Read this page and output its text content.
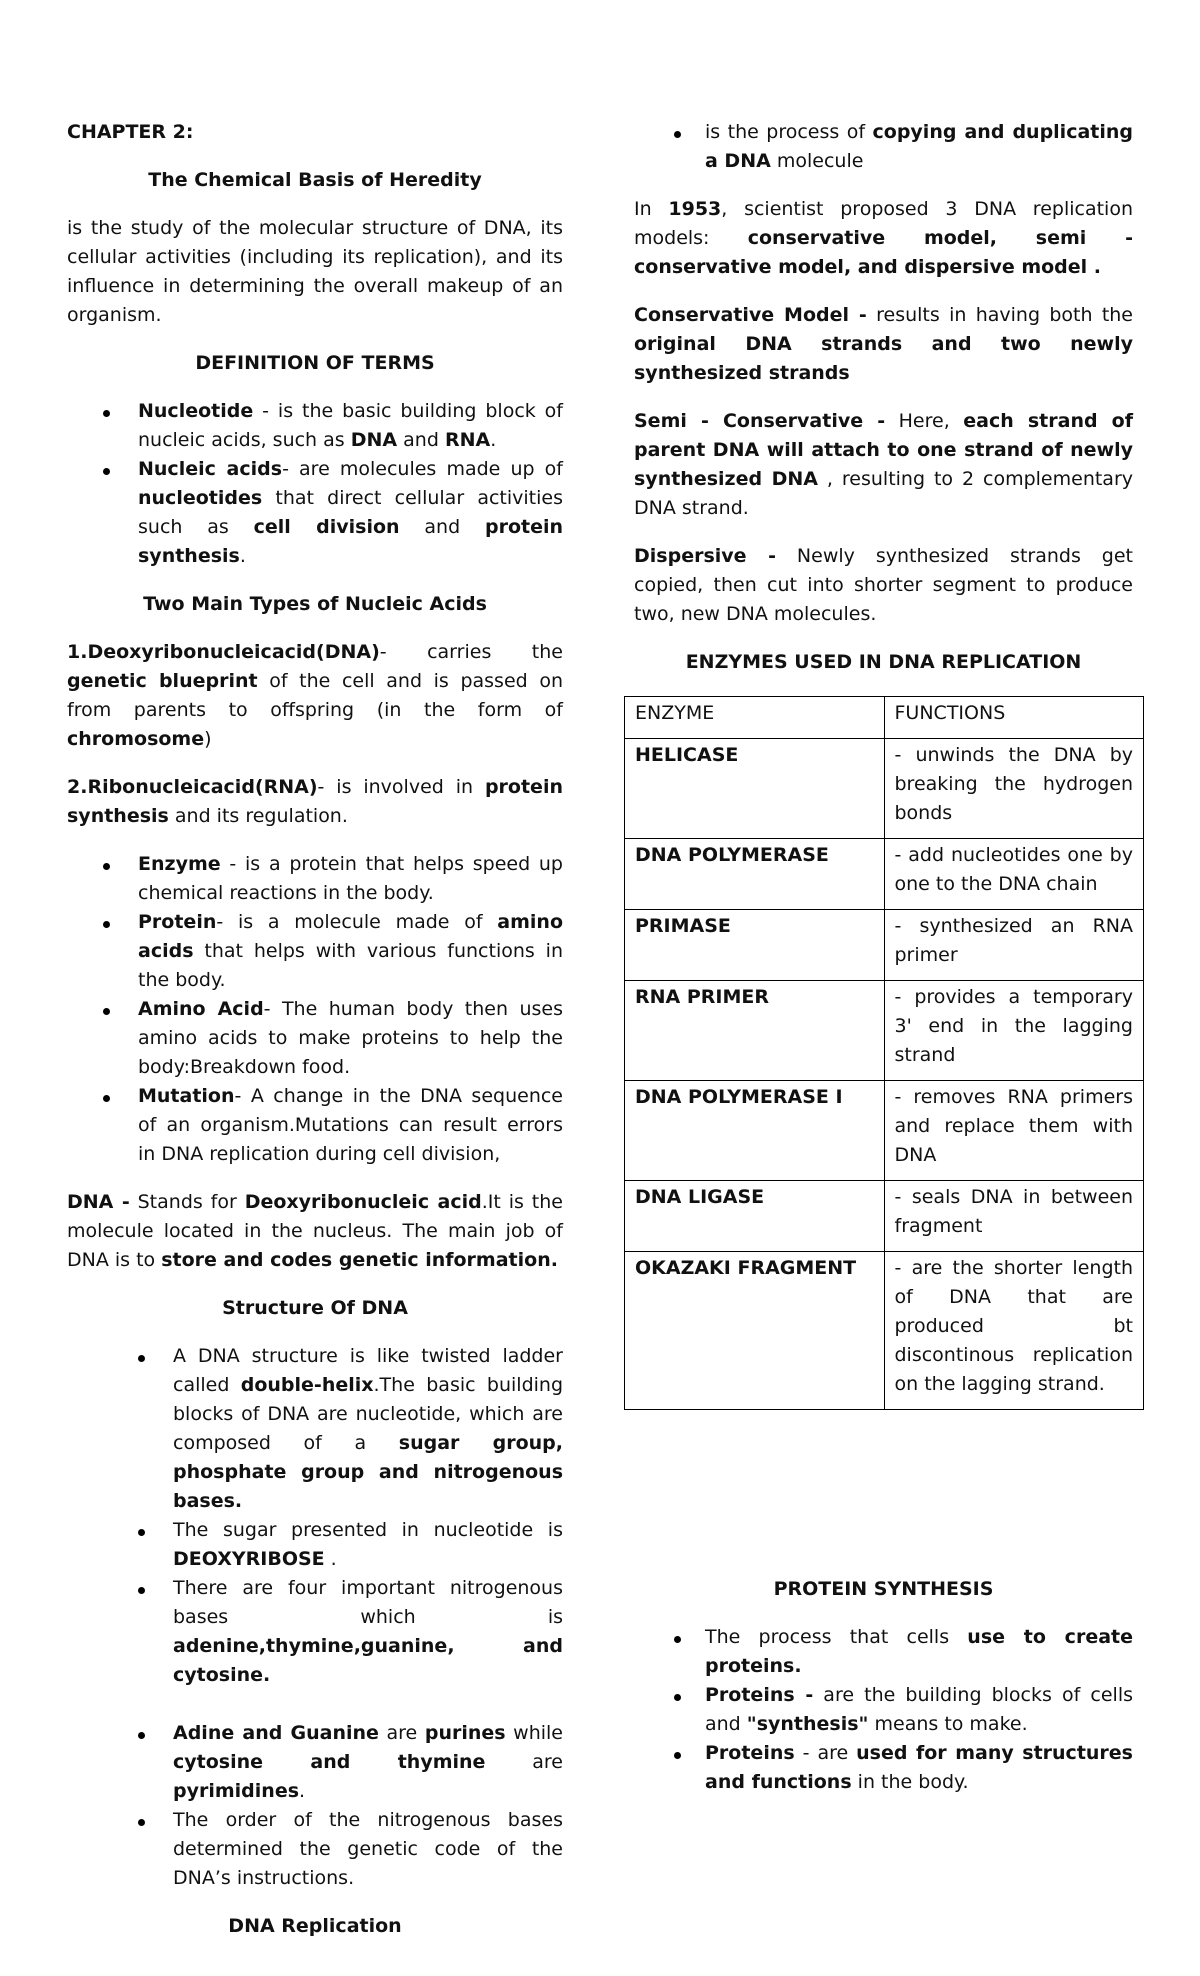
CHAPTER 2:

The Chemical Basis of Heredity

is the study of the molecular structure of DNA, its cellular activities (including its replication), and its influence in determining the overall makeup of an organism.

DEFINITION OF TERMS

Nucleotide - is the basic building block of nucleic acids, such as DNA and RNA.
Nucleic acids- are molecules made up of nucleotides that direct cellular activities such as cell division and protein synthesis.

Two Main Types of Nucleic Acids

1.Deoxyribonucleicacid(DNA)- carries the genetic blueprint of the cell and is passed on from parents to offspring (in the form of chromosome)

2.Ribonucleicacid(RNA)- is involved in protein synthesis and its regulation.

Enzyme - is a protein that helps speed up chemical reactions in the body.
Protein- is a molecule made of amino acids that helps with various functions in the body.
Amino Acid- The human body then uses amino acids to make proteins to help the body:Breakdown food.
Mutation- A change in the DNA sequence of an organism.Mutations can result errors in DNA replication during cell division,

DNA - Stands for Deoxyribonucleic acid.It is the molecule located in the nucleus. The main job of DNA is to store and codes genetic information.

Structure Of DNA

A DNA structure is like twisted ladder called double-helix.The basic building blocks of DNA are nucleotide, which are composed of a sugar group, phosphate group and nitrogenous bases.
The sugar presented in nucleotide is DEOXYRIBOSE .
There are four important nitrogenous bases which is adenine,thymine,guanine, and cytosine.
Adine and Guanine are purines while cytosine and thymine are pyrimidines.
The order of the nitrogenous bases determined the genetic code of the DNA’s instructions.

DNA Replication

is the process of copying and duplicating a DNA molecule

In 1953, scientist proposed 3 DNA replication models: conservative model, semi - conservative model, and dispersive model .

Conservative Model - results in having both the original DNA strands and two newly synthesized strands

Semi - Conservative - Here, each strand of parent DNA will attach to one strand of newly synthesized DNA , resulting to 2 complementary DNA strand.

Dispersive - Newly synthesized strands get copied, then cut into shorter segment to produce two, new DNA molecules.

ENZYMES USED IN DNA REPLICATION

ENZYME	FUNCTIONS
HELICASE	- unwinds the DNA by breaking the hydrogen bonds
DNA POLYMERASE	- add nucleotides one by one to the DNA chain
PRIMASE	- synthesized an RNA primer
RNA PRIMER	- provides a temporary 3' end in the lagging strand
DNA POLYMERASE I	- removes RNA primers and replace them with DNA
DNA LIGASE	- seals DNA in between fragment
OKAZAKI FRAGMENT	- are the shorter length of DNA that are produced bt discontinous replication on the lagging strand.

PROTEIN SYNTHESIS

The process that cells use to create proteins.
Proteins - are the building blocks of cells and "synthesis" means to make.
Proteins - are used for many structures and functions in the body.
